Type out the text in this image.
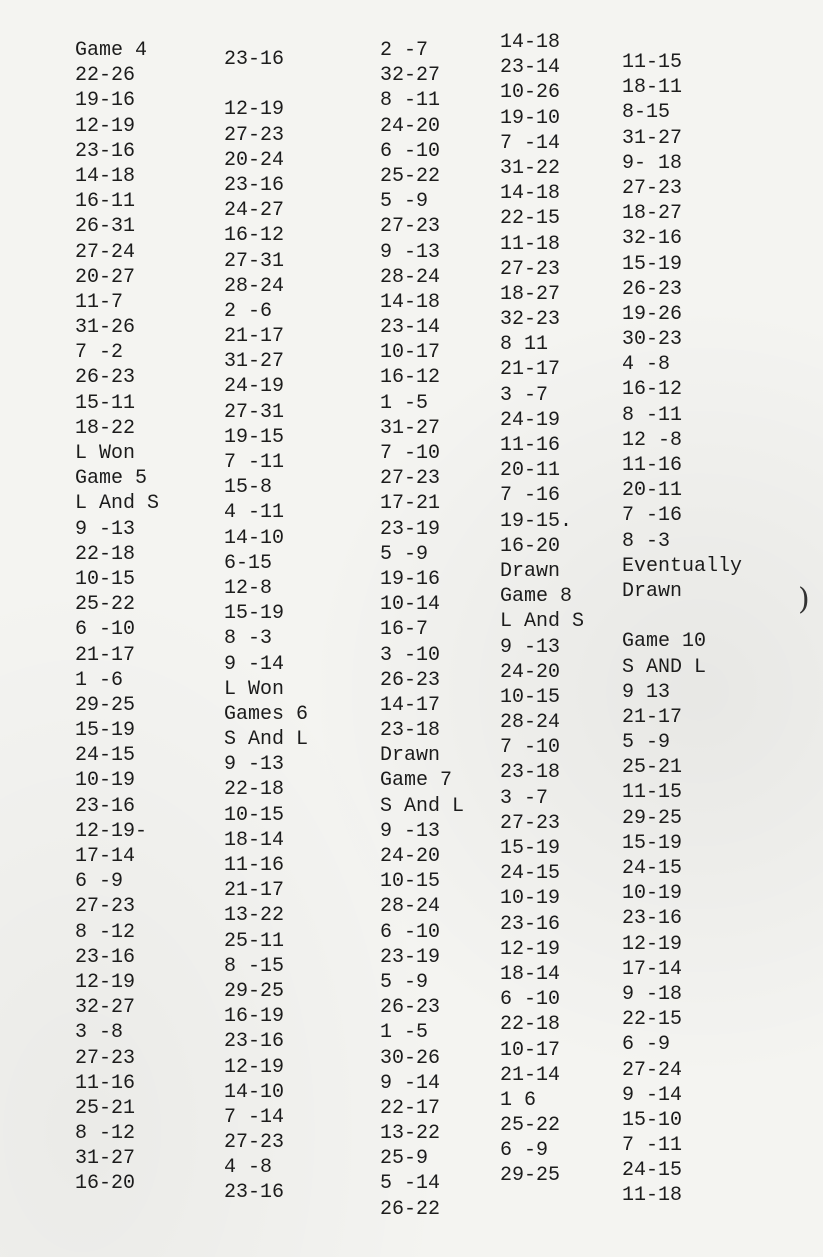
Game 4
22-26
19-16
12-19
23-16
14-18
16-11
26-31
27-24
20-27
11-7
31-26
7 -2
26-23
15-11
18-22
L Won
Game 5
L And S
9 -13
22-18
10-15
25-22
6 -10
21-17
1 -6
29-25
15-19
24-15
10-19
23-16
12-19-
17-14
6 -9
27-23
8 -12
23-16
12-19
32-27
3 -8
27-23
11-16
25-21
8 -12
31-27
16-20
23-16
12-19
27-23
20-24
23-16
24-27
16-12
27-31
28-24
2 -6
21-17
31-27
24-19
27-31
19-15
7 -11
15-8
4 -11
14-10
6-15
12-8
15-19
8 -3
9 -14
L Won
Games 6
S And L
9 -13
22-18
10-15
18-14
11-16
21-17
13-22
25-11
8 -15
29-25
16-19
23-16
12-19
14-10
7 -14
27-23
4 -8
23-16
2 -7
32-27
8 -11
24-20
6 -10
25-22
5 -9
27-23
9 -13
28-24
14-18
23-14
10-17
16-12
1 -5
31-27
7 -10
27-23
17-21
23-19
5 -9
19-16
10-14
16-7
3 -10
26-23
14-17
23-18
Drawn
Game 7
S And L
9 -13
24-20
10-15
28-24
6 -10
23-19
5 -9
26-23
1 -5
30-26
9 -14
22-17
13-22
25-9
5 -14
26-22
14-18
23-14
10-26
19-10
7 -14
31-22
14-18
22-15
11-18
27-23
18-27
32-23
8 11
21-17
3 -7
24-19
11-16
20-11
7 -16
19-15.
16-20
Drawn
Game 8
L And S
9 -13
24-20
10-15
28-24
7 -10
23-18
3 -7
27-23
15-19
24-15
10-19
23-16
12-19
18-14
6 -10
22-18
10-17
21-14
1 6
25-22
6 -9
29-25
11-15
18-11
8-15
31-27
9- 18
27-23
18-27
32-16
15-19
26-23
19-26
30-23
4 -8
16-12
8 -11
12 -8
11-16
20-11
7 -16
8 -3
Eventually
Drawn
Game 10
S AND L
9 13
21-17
5 -9
25-21
11-15
29-25
15-19
24-15
10-19
23-16
12-19
17-14
9 -18
22-15
6 -9
27-24
9 -14
15-10
7 -11
24-15
11-18
)
